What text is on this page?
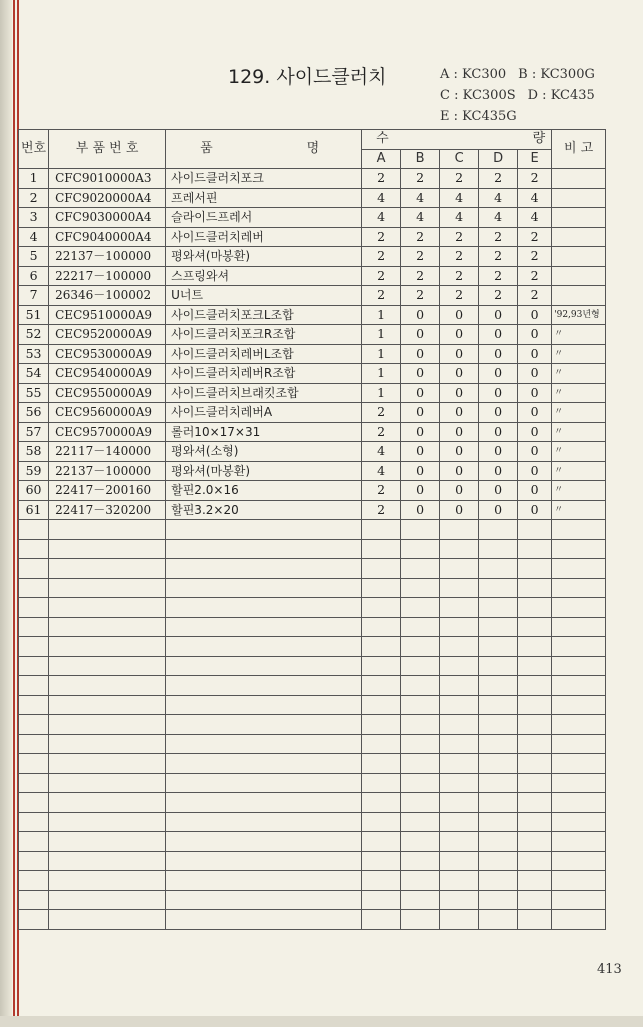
129. 사이드클러치	A : KC300 B : KC300G
C : KC300S D : KC435
E : KC435G
번호	부 품 번 호	품 명	수 량					비 고
			A	B	C	D	E	
1	CFC9010000A3	사이드클러치포크	2	2	2	2	2	
2	CFC9020000A4	프레서핀	4	4	4	4	4	
3	CFC9030000A4	슬라이드프레서	4	4	4	4	4	
4	CFC9040000A4	사이드클러치레버	2	2	2	2	2	
5	22137－100000	평와셔(마봉환)	2	2	2	2	2	
6	22217－100000	스프링와셔	2	2	2	2	2	
7	26346－100002	U너트	2	2	2	2	2	
51	CEC9510000A9	사이드클러치포크L조합	1	0	0	0	0	'92,93년형
52	CEC9520000A9	사이드클러치포크R조합	1	0	0	0	0	〃
53	CEC9530000A9	사이드클러치레버L조합	1	0	0	0	0	〃
54	CEC9540000A9	사이드클러치레버R조합	1	0	0	0	0	〃
55	CEC9550000A9	사이드클러치브래킷조합	1	0	0	0	0	〃
56	CEC9560000A9	사이드클러치레버A	2	0	0	0	0	〃
57	CEC9570000A9	롤러10×17×31	2	0	0	0	0	〃
58	22117－140000	평와셔(소형)	4	0	0	0	0	〃
59	22137－100000	평와셔(마봉환)	4	0	0	0	0	〃
60	22417－200160	할핀2.0×16	2	0	0	0	0	〃
61	22417－320200	할핀3.2×20	2	0	0	0	0	〃

413
